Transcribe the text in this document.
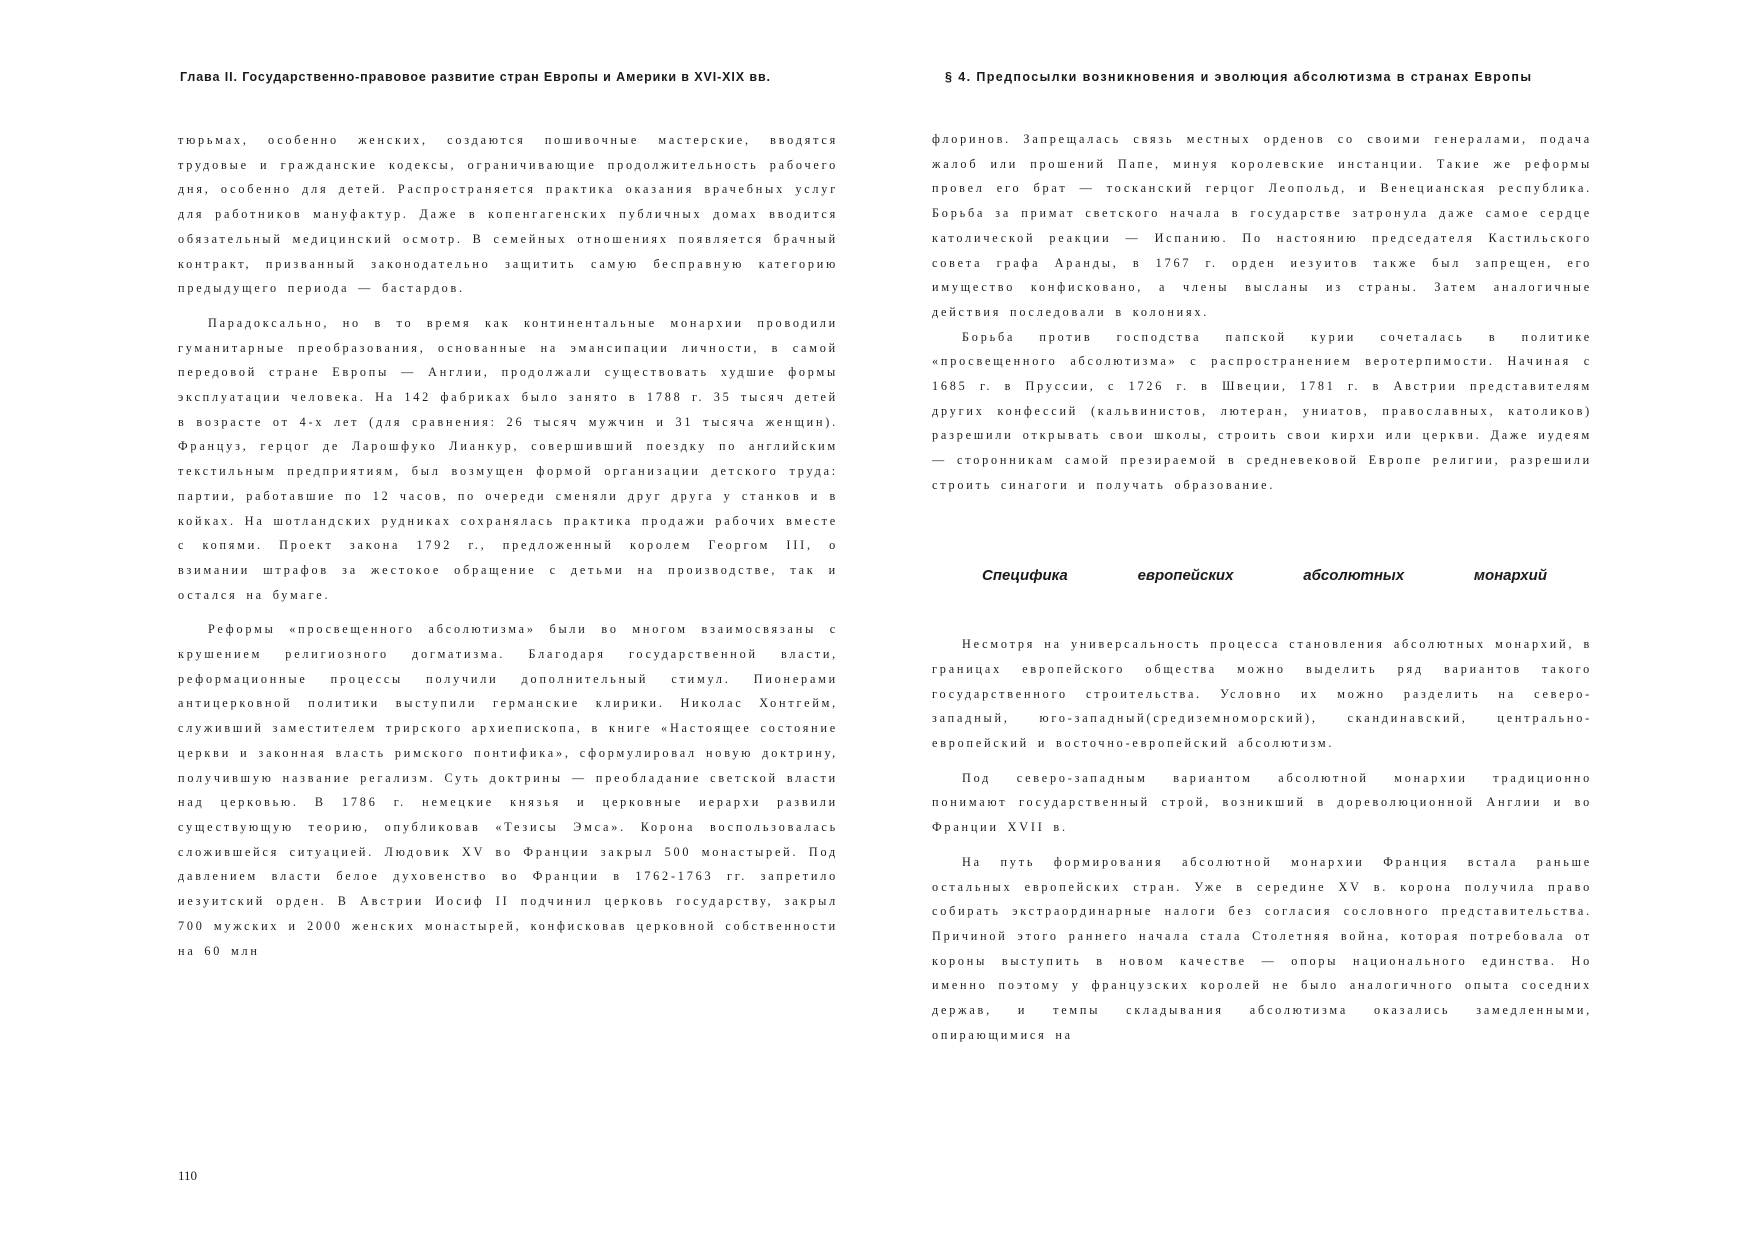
Глава II. Государственно-правовое развитие стран Европы и Америки в XVI-XIX вв.

тюрьмах, особенно женских, создаются пошивочные мастерские, вводятся трудовые и гражданские кодексы, ограничивающие продолжительность рабочего дня, особенно для детей. Распространяется практика оказания врачебных услуг для работников мануфактур. Даже в копенгагенских публичных домах вводится обязательный медицинский осмотр. В семейных отношениях появляется брачный контракт, призванный законодательно защитить самую бесправную категорию предыдущего периода — бастардов.

Парадоксально, но в то время как континентальные монархии проводили гуманитарные преобразования, основанные на эмансипации личности, в самой передовой стране Европы — Англии, продолжали существовать худшие формы эксплуатации человека. На 142 фабриках было занято в 1788 г. 35 тысяч детей в возрасте от 4-х лет (для сравнения: 26 тысяч мужчин и 31 тысяча женщин). Француз, герцог де Ларошфуко Лианкур, совершивший поездку по английским текстильным предприятиям, был возмущен формой организации детского труда: партии, работавшие по 12 часов, по очереди сменяли друг друга у станков и в койках. На шотландских рудниках сохранялась практика продажи рабочих вместе с копями. Проект закона 1792 г., предложенный королем Георгом III, о взимании штрафов за жестокое обращение с детьми на производстве, так и остался на бумаге.

Реформы «просвещенного абсолютизма» были во многом взаимосвязаны с крушением религиозного догматизма. Благодаря государственной власти, реформационные процессы получили дополнительный стимул. Пионерами антицерковной политики выступили германские клирики. Николас Хонтгейм, служивший заместителем трирского архиепископа, в книге «Настоящее состояние церкви и законная власть римского понтифика», сформулировал новую доктрину, получившую название регализм. Суть доктрины — преобладание светской власти над церковью. В 1786 г. немецкие князья и церковные иерархи развили существующую теорию, опубликовав «Тезисы Эмса». Корона воспользовалась сложившейся ситуацией. Людовик XV во Франции закрыл 500 монастырей. Под давлением власти белое духовенство во Франции в 1762-1763 гг. запретило иезуитский орден. В Австрии Иосиф II подчинил церковь государству, закрыл 700 мужских и 2000 женских монастырей, конфисковав церковной собственности на 60 млн

110
§ 4. Предпосылки возникновения и эволюция абсолютизма в странах Европы

флоринов. Запрещалась связь местных орденов со своими генералами, подача жалоб или прошений Папе, минуя королевские инстанции. Такие же реформы провел его брат — тосканский герцог Леопольд, и Венецианская республика. Борьба за примат светского начала в государстве затронула даже самое сердце католической реакции — Испанию. По настоянию председателя Кастильского совета графа Аранды, в 1767 г. орден иезуитов также был запрещен, его имущество конфисковано, а члены высланы из страны. Затем аналогичные действия последовали в колониях.

Борьба против господства папской курии сочеталась в политике «просвещенного абсолютизма» с распространением веротерпимости. Начиная с 1685 г. в Пруссии, с 1726 г. в Швеции, 1781 г. в Австрии представителям других конфессий (кальвинистов, лютеран, униатов, православных, католиков) разрешили открывать свои школы, строить свои кирхи или церкви. Даже иудеям — сторонникам самой презираемой в средневековой Европе религии, разрешили строить синагоги и получать образование.

Специфика	европейских	абсолютных	монархий

Несмотря на универсальность процесса становления абсолютных монархий, в границах европейского общества можно выделить ряд вариантов такого государственного строительства. Условно их можно разделить на северо-западный, юго-западный(средиземноморский), скандинавский, центрально-европейский и восточно-европейский абсолютизм.

Под северо-западным вариантом абсолютной монархии традиционно понимают государственный строй, возникший в дореволюционной Англии и во Франции XVII в.

На путь формирования абсолютной монархии Франция встала раньше остальных европейских стран. Уже в середине XV в. корона получила право собирать экстраординарные налоги без согласия сословного представительства. Причиной этого раннего начала стала Столетняя война, которая потребовала от короны выступить в новом качестве — опоры национального единства. Но именно поэтому у французских королей не было аналогичного опыта соседних держав, и темпы складывания абсолютизма оказались замедленными, опирающимися на
